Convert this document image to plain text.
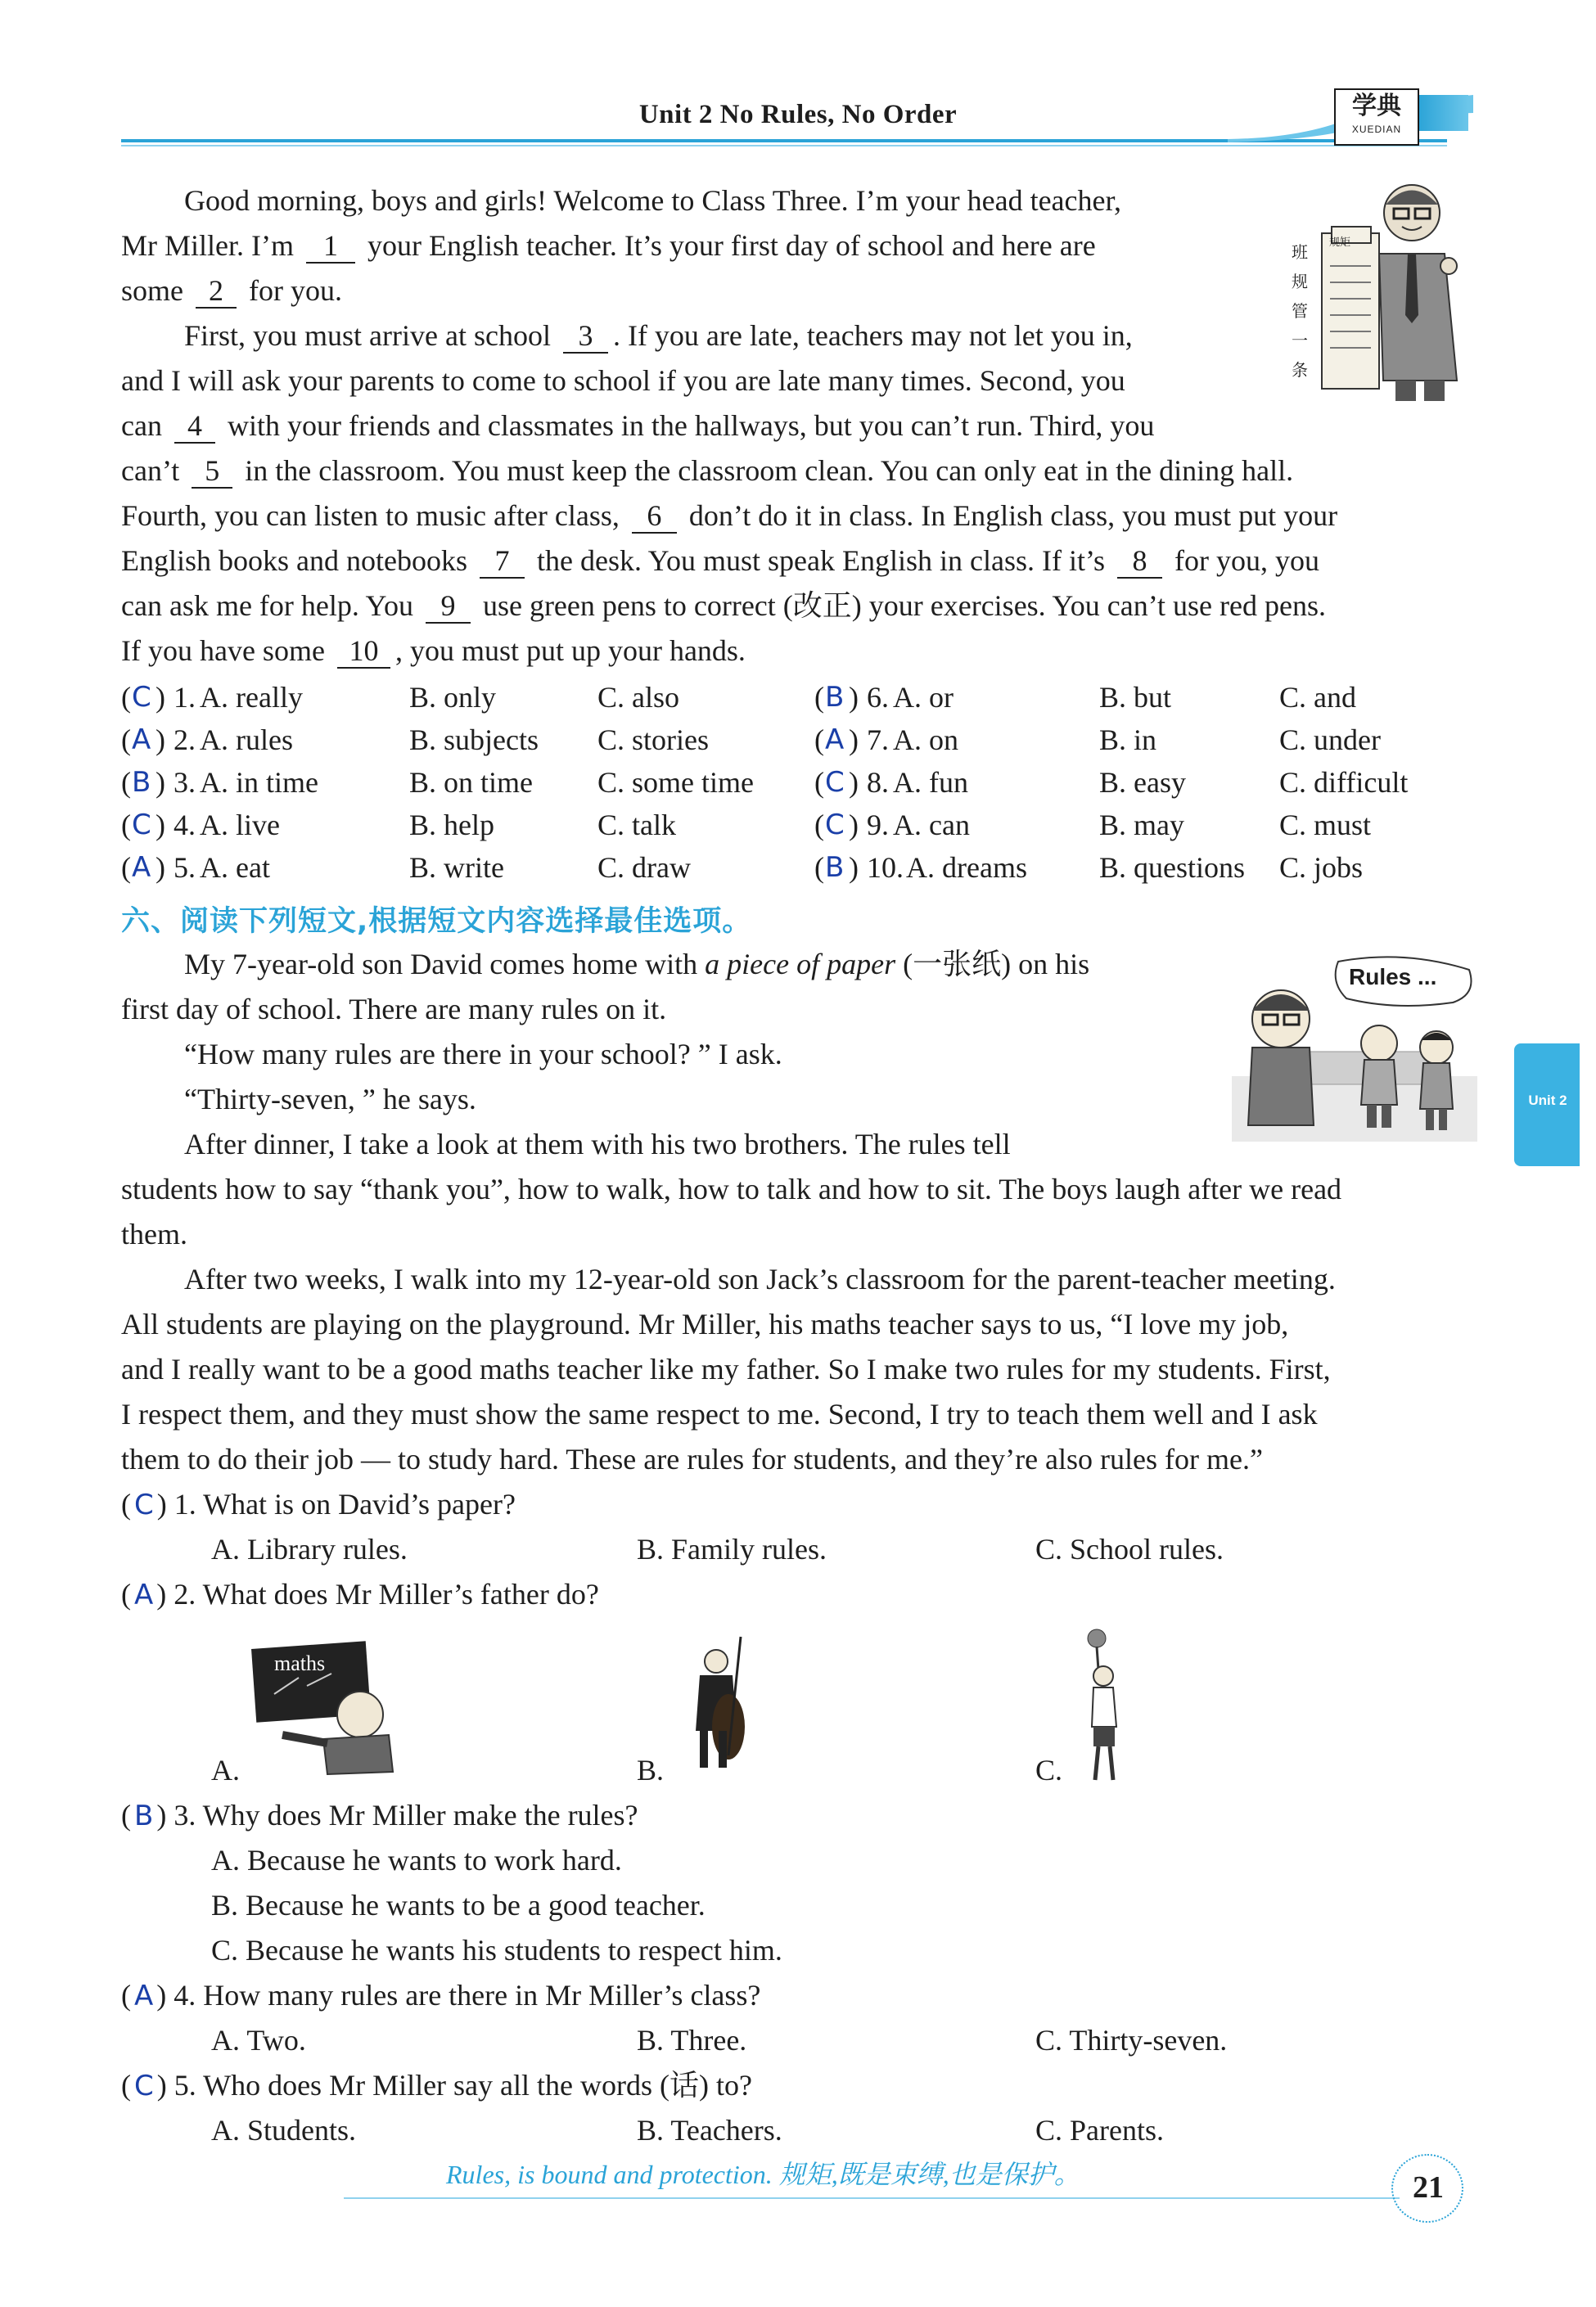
Unit 2 No Rules, No Order	学典
XUEDIAN
班规管一条
规矩
Good morning, boys and girls! Welcome to Class Three. I’m your head teacher,
Mr Miller. I’m 1 your English teacher. It’s your first day of school and here are
some 2 for you.
First, you must arrive at school 3 . If you are late, teachers may not let you in,
and I will ask your parents to come to school if you are late many times. Second, you
can 4 with your friends and classmates in the hallways, but you can’t run. Third, you
can’t 5 in the classroom. You must keep the classroom clean. You can only eat in the dining hall.
Fourth, you can listen to music after class, 6 don’t do it in class. In English class, you must put your
English books and notebooks 7 the desk. You must speak English in class. If it’s 8 for you, you
can ask me for help. You 9 use green pens to correct (改正) your exercises. You can’t use red pens.
If you have some 10 , you must put up your hands.
( C ) 1. A. really	B. only	C. also
( A ) 2. A. rules	B. subjects C. stories
( B ) 3. A. in time	B. on time C. some time
( C ) 4. A. live	B. help	C. talk
( A ) 5. A. eat	B. write	C. draw
( B ) 6. A. or	B. but	C. and
( A ) 7. A. on	B. in	C. under
( C ) 8. A. fun	B. easy	C. difficult
( C ) 9. A. can	B. may	C. must
( B ) 10. A. dreams B. questions C. jobs
六、阅读下列短文,根据短文内容选择最佳选项。
Rules ...
My 7-year-old son David comes home with a piece of paper (一张纸) on his
first day of school. There are many rules on it.
“How many rules are there in your school? ” I ask.
“Thirty-seven, ” he says.
After dinner, I take a look at them with his two brothers. The rules tell
students how to say “thank you”, how to walk, how to talk and how to sit. The boys laugh after we read
them.
After two weeks, I walk into my 12-year-old son Jack’s classroom for the parent-teacher meeting.
All students are playing on the playground. Mr Miller, his maths teacher says to us, “I love my job,
and I really want to be a good maths teacher like my father. So I make two rules for my students. First,
I respect them, and they must show the same respect to me. Second, I try to teach them well and I ask
them to do their job — to study hard. These are rules for students, and they’re also rules for me.”
( C ) 1. What is on David’s paper?
A. Library rules.	B. Family rules.	C. School rules.
( A ) 2. What does Mr Miller’s father do?
A.	B.	C.
( B ) 3. Why does Mr Miller make the rules?
A. Because he wants to work hard.
B. Because he wants to be a good teacher.
C. Because he wants his students to respect him.
( A ) 4. How many rules are there in Mr Miller’s class?
A. Two.	B. Three.	C. Thirty-seven.
( C ) 5. Who does Mr Miller say all the words (话) to?
A. Students.	B. Teachers.	C. Parents.
maths
Unit 2
Rules, is bound and protection. 规矩,既是束缚,也是保护。	21
